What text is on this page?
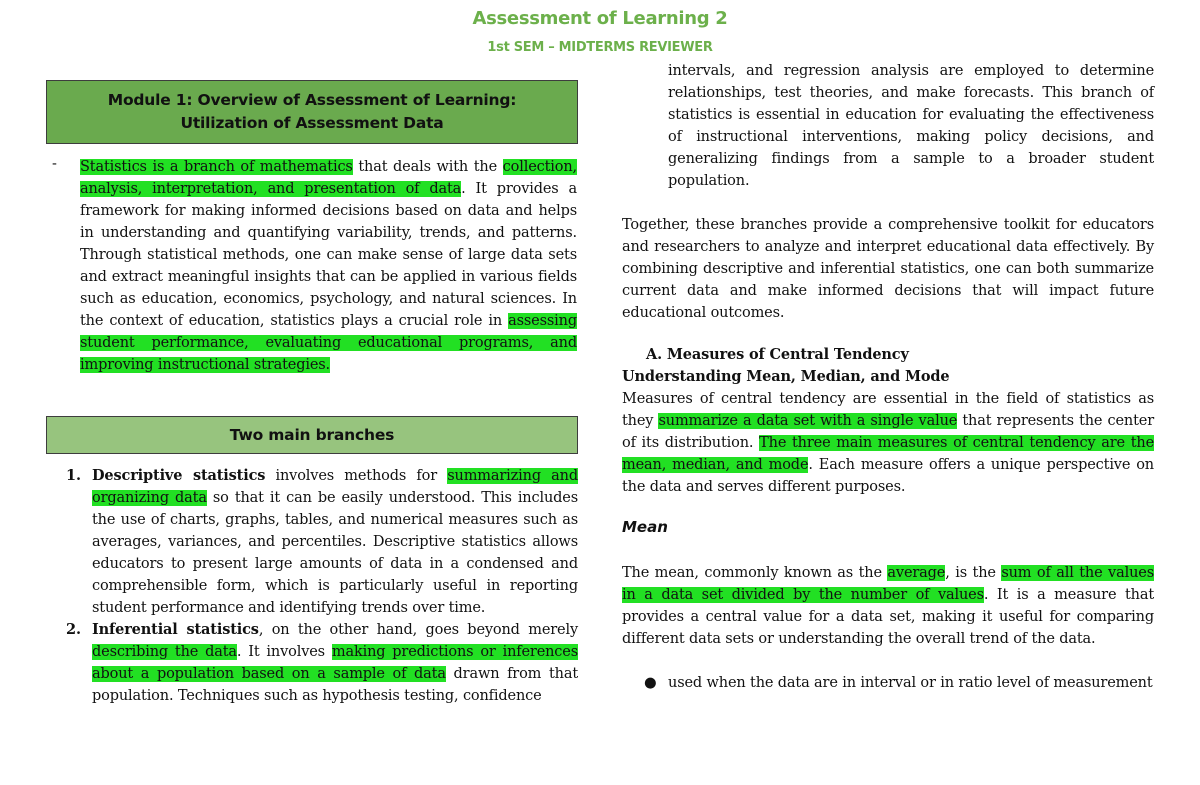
Assessment of Learning 2
1st SEM – MIDTERMS REVIEWER
Module 1: Overview of Assessment of Learning:
Utilization of Assessment Data
- Statistics is a branch of mathematics that deals with the collection, analysis, interpretation, and presentation of data. It provides a framework for making informed decisions based on data and helps in understanding and quantifying variability, trends, and patterns. Through statistical methods, one can make sense of large data sets and extract meaningful insights that can be applied in various fields such as education, economics, psychology, and natural sciences. In the context of education, statistics plays a crucial role in assessing student performance, evaluating educational programs, and improving instructional strategies.

Two main branches
1. Descriptive statistics involves methods for summarizing and organizing data so that it can be easily understood. This includes the use of charts, graphs, tables, and numerical measures such as averages, variances, and percentiles. Descriptive statistics allows educators to present large amounts of data in a condensed and comprehensible form, which is particularly useful in reporting student performance and identifying trends over time.
2. Inferential statistics, on the other hand, goes beyond merely describing the data. It involves making predictions or inferences about a population based on a sample of data drawn from that population. Techniques such as hypothesis testing, confidence
intervals, and regression analysis are employed to determine relationships, test theories, and make forecasts. This branch of statistics is essential in education for evaluating the effectiveness of instructional interventions, making policy decisions, and generalizing findings from a sample to a broader student population.
Together, these branches provide a comprehensive toolkit for educators and researchers to analyze and interpret educational data effectively. By combining descriptive and inferential statistics, one can both summarize current data and make informed decisions that will impact future educational outcomes.
A. Measures of Central Tendency
Understanding Mean, Median, and Mode
Measures of central tendency are essential in the field of statistics as they summarize a data set with a single value that represents the center of its distribution. The three main measures of central tendency are the mean, median, and mode. Each measure offers a unique perspective on the data and serves different purposes.
Mean
The mean, commonly known as the average, is the sum of all the values in a data set divided by the number of values. It is a measure that provides a central value for a data set, making it useful for comparing different data sets or understanding the overall trend of the data.
● used when the data are in interval or in ratio level of measurement
